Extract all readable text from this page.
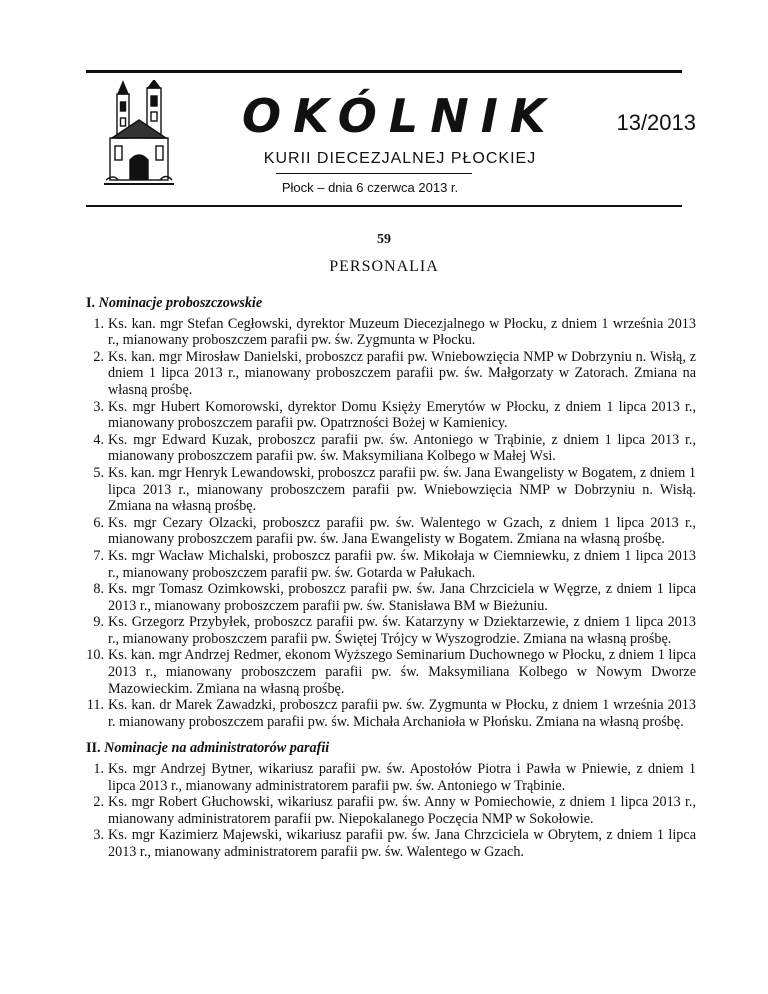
OKÓLNIK	13/2013
KURII DIECEZJALNEJ PŁOCKIEJ
Płock – dnia 6 czerwca 2013 r.
59
PERSONALIA
I. Nominacje proboszczowskie
1. Ks. kan. mgr Stefan Cegłowski, dyrektor Muzeum Diecezjalnego w Płocku, z dniem 1 września 2013 r., mianowany proboszczem parafii pw. św. Zygmunta w Płocku.
2. Ks. kan. mgr Mirosław Danielski, proboszcz parafii pw. Wniebowzięcia NMP w Dobrzyniu n. Wisłą, z dniem 1 lipca 2013 r., mianowany proboszczem parafii pw. św. Małgorzaty w Zatorach. Zmiana na własną prośbę.
3. Ks. mgr Hubert Komorowski, dyrektor Domu Księży Emerytów w Płocku, z dniem 1 lipca 2013 r., mianowany proboszczem parafii pw. Opatrzności Bożej w Kamienicy.
4. Ks. mgr Edward Kuzak, proboszcz parafii pw. św. Antoniego w Trąbinie, z dniem 1 lipca 2013 r., mianowany proboszczem parafii pw. św. Maksymiliana Kolbego w Małej Wsi.
5. Ks. kan. mgr Henryk Lewandowski, proboszcz parafii pw. św. Jana Ewangelisty w Bogatem, z dniem 1 lipca 2013 r., mianowany proboszczem parafii pw. Wniebowzięcia NMP w Dobrzyniu n. Wisłą. Zmiana na własną prośbę.
6. Ks. mgr Cezary Olzacki, proboszcz parafii pw. św. Walentego w Gzach, z dniem 1 lipca 2013 r., mianowany proboszczem parafii pw. św. Jana Ewangelisty w Bogatem. Zmiana na własną prośbę.
7. Ks. mgr Wacław Michalski, proboszcz parafii pw. św. Mikołaja w Ciemniewku, z dniem 1 lipca 2013 r., mianowany proboszczem parafii pw. św. Gotarda w Pałukach.
8. Ks. mgr Tomasz Ozimkowski, proboszcz parafii pw. św. Jana Chrzciciela w Węgrze, z dniem 1 lipca 2013 r., mianowany proboszczem parafii pw. św. Stanisława BM w Bieżuniu.
9. Ks. Grzegorz Przybyłek, proboszcz parafii pw. św. Katarzyny w Dziektarzewie, z dniem 1 lipca 2013 r., mianowany proboszczem parafii pw. Świętej Trójcy w Wyszogrodzie. Zmiana na własną prośbę.
10. Ks. kan. mgr Andrzej Redmer, ekonom Wyższego Seminarium Duchownego w Płocku, z dniem 1 lipca 2013 r., mianowany proboszczem parafii pw. św. Maksymiliana Kolbego w Nowym Dworze Mazowieckim. Zmiana na własną prośbę.
11. Ks. kan. dr Marek Zawadzki, proboszcz parafii pw. św. Zygmunta w Płocku, z dniem 1 września 2013 r. mianowany proboszczem parafii pw. św. Michała Archanioła w Płońsku. Zmiana na własną prośbę.
II. Nominacje na administratorów parafii
1. Ks. mgr Andrzej Bytner, wikariusz parafii pw. św. Apostołów Piotra i Pawła w Pniewie, z dniem 1 lipca 2013 r., mianowany administratorem parafii pw. św. Antoniego w Trąbinie.
2. Ks. mgr Robert Głuchowski, wikariusz parafii pw. św. Anny w Pomiechowie, z dniem 1 lipca 2013 r., mianowany administratorem parafii pw. Niepokalanego Poczęcia NMP w Sokołowie.
3. Ks. mgr Kazimierz Majewski, wikariusz parafii pw. św. Jana Chrzciciela w Obrytem, z dniem 1 lipca 2013 r., mianowany administratorem parafii pw. św. Walentego w Gzach.
